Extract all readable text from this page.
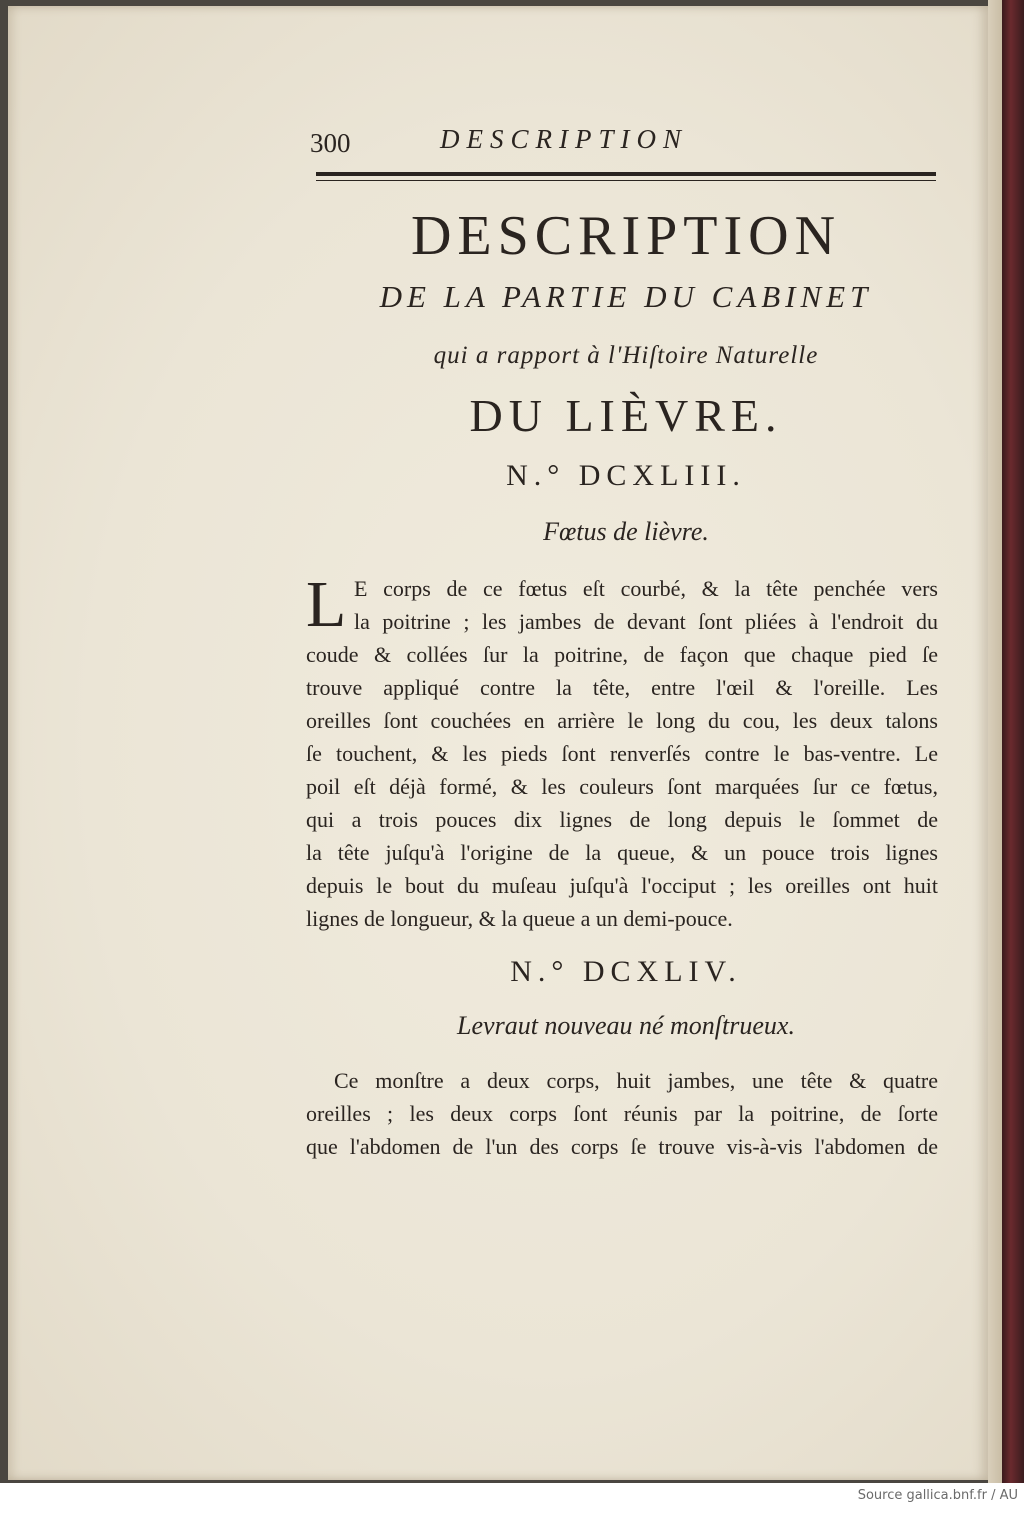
300	DESCRIPTION
DESCRIPTION
DE LA PARTIE DU CABINET
qui a rapport à l'Hiſtoire Naturelle
DU LIÈVRE.
N.° DCXLIII.
Fœtus de lièvre.
L E corps de ce fœtus eſt courbé, & la tête penchée vers
la poitrine ; les jambes de devant ſont pliées à l'endroit du
coude & collées ſur la poitrine, de façon que chaque pied ſe
trouve appliqué contre la tête, entre l'œil & l'oreille. Les
oreilles ſont couchées en arrière le long du cou, les deux talons
ſe touchent, & les pieds ſont renverſés contre le bas-ventre. Le
poil eſt déjà formé, & les couleurs ſont marquées ſur ce fœtus,
qui a trois pouces dix lignes de long depuis le ſommet de
la tête juſqu'à l'origine de la queue, & un pouce trois lignes
depuis le bout du muſeau juſqu'à l'occiput ; les oreilles ont huit
lignes de longueur, & la queue a un demi-pouce.
N.° DCXLIV.
Levraut nouveau né monſtrueux.
Ce monſtre a deux corps, huit jambes, une tête & quatre
oreilles ; les deux corps ſont réunis par la poitrine, de ſorte
que l'abdomen de l'un des corps ſe trouve vis-à-vis l'abdomen de
Source gallica.bnf.fr / AU
